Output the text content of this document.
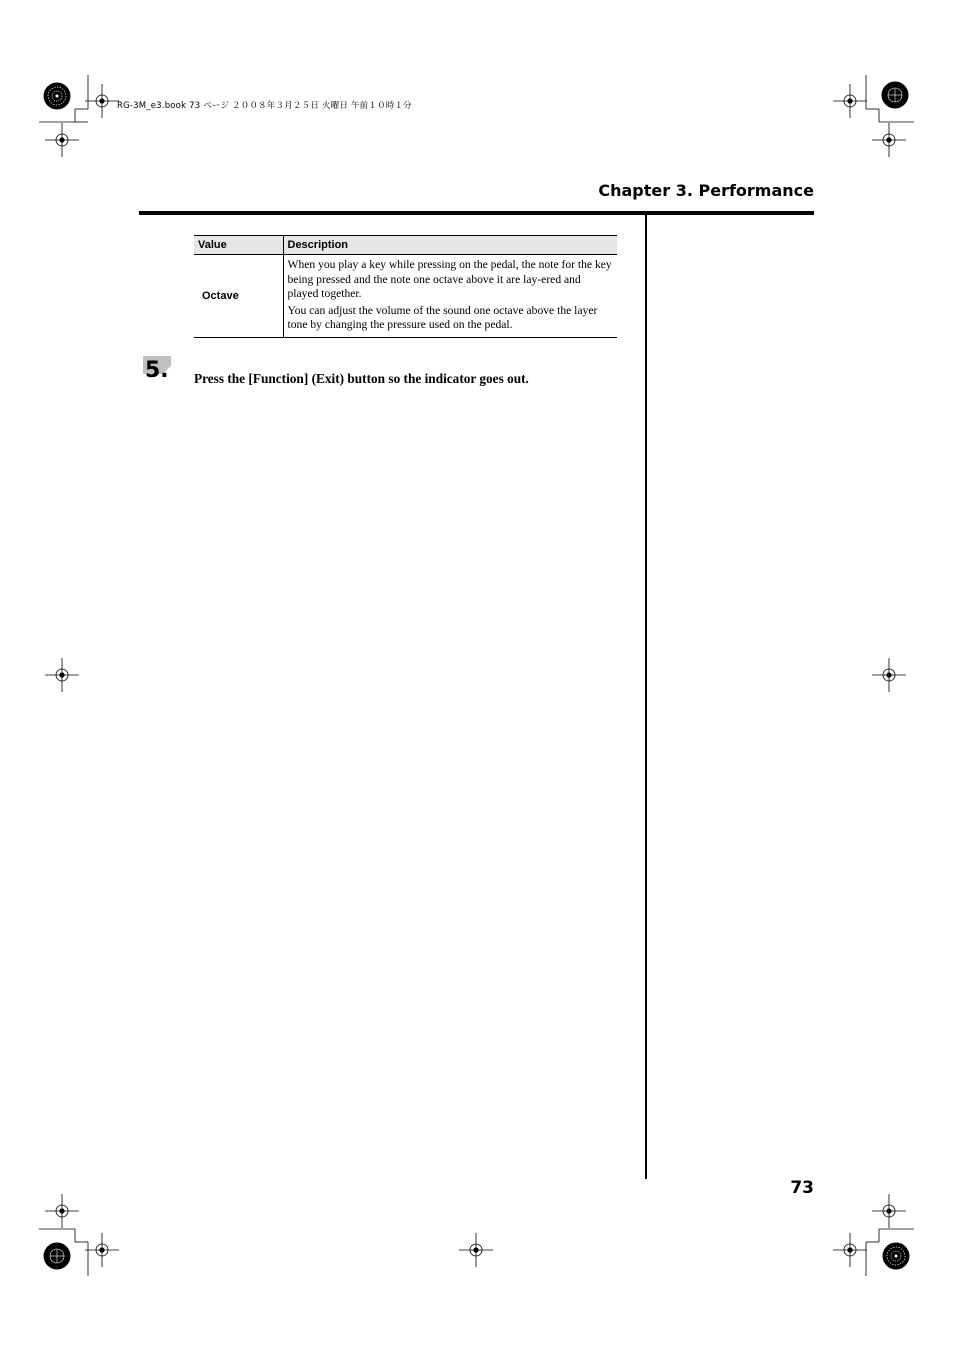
RG-3M_e3.book 73 ページ ２００８年３月２５日 火曜日 午前１０時１分
Chapter 3. Performance
Value	Description
Octave	When you play a key while pressing on the pedal, the note for the key being pressed and the note one octave above it are lay-ered and played together.

You can adjust the volume of the sound one octave above the layer tone by changing the pressure used on the pedal.

5. Press the [Function] (Exit) button so the indicator goes out.
73
